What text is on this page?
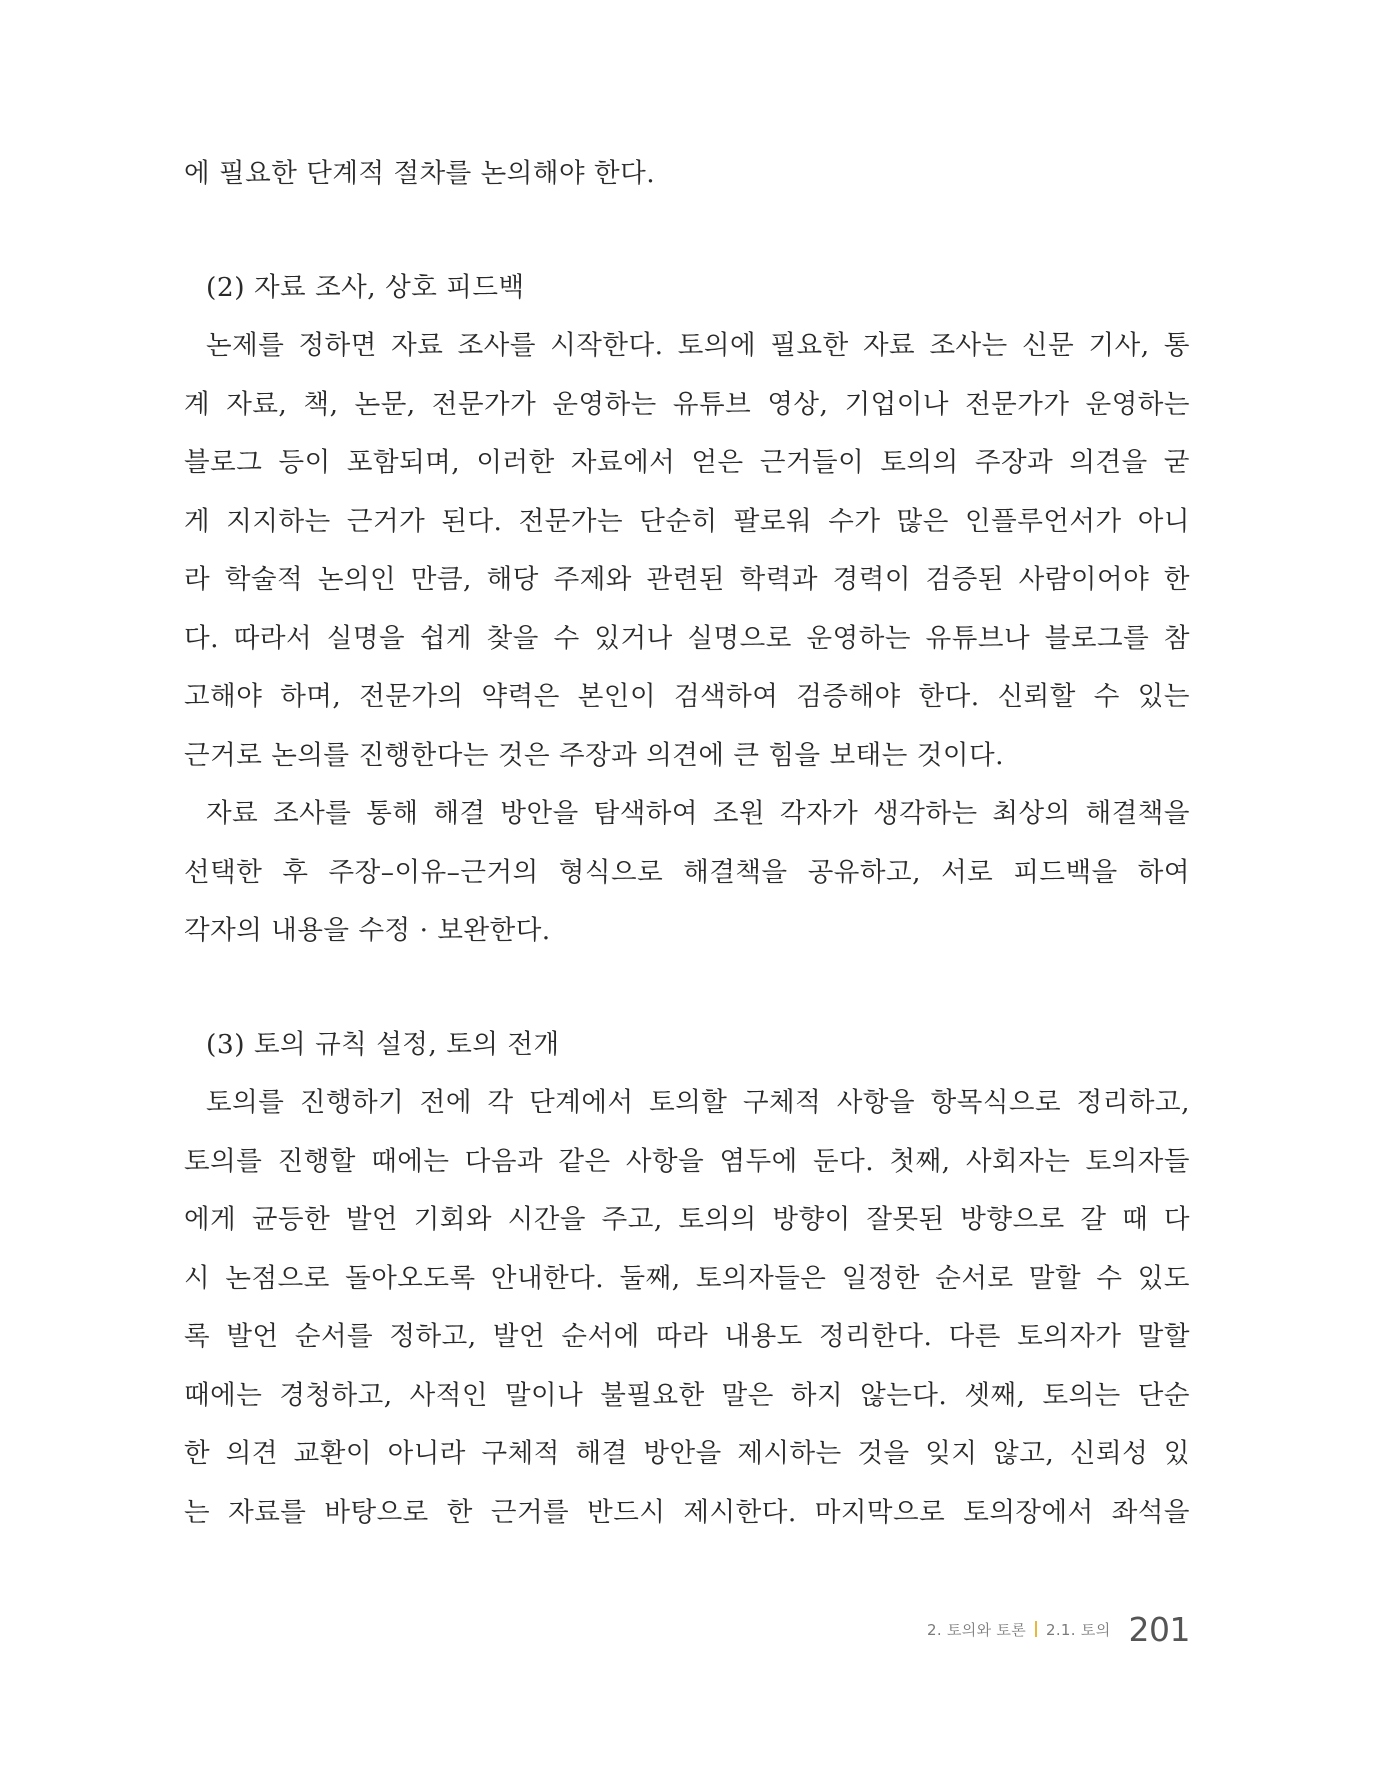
에 필요한 단계적 절차를 논의해야 한다.
(2) 자료 조사, 상호 피드백
논제를 정하면 자료 조사를 시작한다. 토의에 필요한 자료 조사는 신문 기사, 통
계 자료, 책, 논문, 전문가가 운영하는 유튜브 영상, 기업이나 전문가가 운영하는
블로그 등이 포함되며, 이러한 자료에서 얻은 근거들이 토의의 주장과 의견을 굳
게 지지하는 근거가 된다. 전문가는 단순히 팔로워 수가 많은 인플루언서가 아니
라 학술적 논의인 만큼, 해당 주제와 관련된 학력과 경력이 검증된 사람이어야 한
다. 따라서 실명을 쉽게 찾을 수 있거나 실명으로 운영하는 유튜브나 블로그를 참
고해야 하며, 전문가의 약력은 본인이 검색하여 검증해야 한다. 신뢰할 수 있는
근거로 논의를 진행한다는 것은 주장과 의견에 큰 힘을 보태는 것이다.
자료 조사를 통해 해결 방안을 탐색하여 조원 각자가 생각하는 최상의 해결책을
선택한 후 주장–이유–근거의 형식으로 해결책을 공유하고, 서로 피드백을 하여
각자의 내용을 수정 · 보완한다.
(3) 토의 규칙 설정, 토의 전개
토의를 진행하기 전에 각 단계에서 토의할 구체적 사항을 항목식으로 정리하고,
토의를 진행할 때에는 다음과 같은 사항을 염두에 둔다. 첫째, 사회자는 토의자들
에게 균등한 발언 기회와 시간을 주고, 토의의 방향이 잘못된 방향으로 갈 때 다
시 논점으로 돌아오도록 안내한다. 둘째, 토의자들은 일정한 순서로 말할 수 있도
록 발언 순서를 정하고, 발언 순서에 따라 내용도 정리한다. 다른 토의자가 말할
때에는 경청하고, 사적인 말이나 불필요한 말은 하지 않는다. 셋째, 토의는 단순
한 의견 교환이 아니라 구체적 해결 방안을 제시하는 것을 잊지 않고, 신뢰성 있
는 자료를 바탕으로 한 근거를 반드시 제시한다. 마지막으로 토의장에서 좌석을
2. 토의와 토론 2.1. 토의 201
